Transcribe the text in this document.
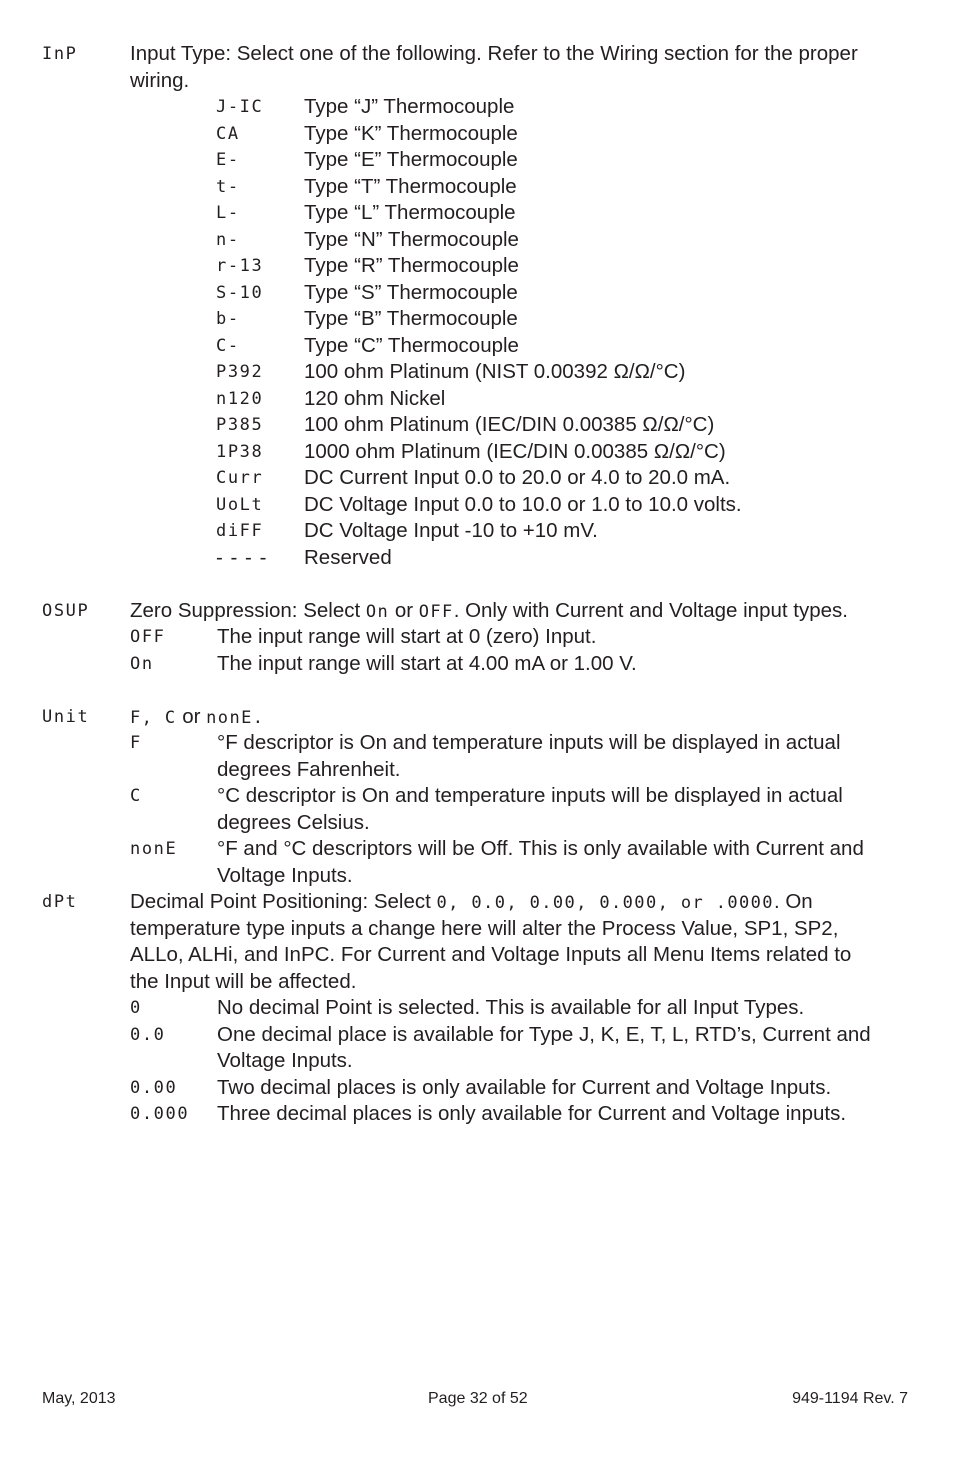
InP	Input Type: Select one of the following. Refer to the Wiring section for the proper
wiring.
J-IC Type “J” Thermocouple
CA	Type “K” Thermocouple
E-	Type “E” Thermocouple
t-	Type “T” Thermocouple
L-	Type “L” Thermocouple
n-	Type “N” Thermocouple
r-13 Type “R” Thermocouple
S-10 Type “S” Thermocouple
b-	Type “B” Thermocouple
C-	Type “C” Thermocouple
P392 100 ohm Platinum (NIST 0.00392 Ω/Ω/°C)
n120 120 ohm Nickel
P385 100 ohm Platinum (IEC/DIN 0.00385 Ω/Ω/°C)
1P38 1000 ohm Platinum (IEC/DIN 0.00385 Ω/Ω/°C)
Curr DC Current Input 0.0 to 20.0 or 4.0 to 20.0 mA.
UoLt DC Voltage Input 0.0 to 10.0 or 1.0 to 10.0 volts.
diFF DC Voltage Input -10 to +10 mV.
- - - - Reserved
OSUP Zero Suppression: Select On or OFF. Only with Current and Voltage input types.
OFF	The input range will start at 0 (zero) Input.
On	The input range will start at 4.00 mA or 1.00 V.
Unit F, C or nonE.
F	°F descriptor is On and temperature inputs will be displayed in actual
degrees Fahrenheit.
C	°C descriptor is On and temperature inputs will be displayed in actual
degrees Celsius.
nonE °F and °C descriptors will be Off. This is only available with Current and
Voltage Inputs.
dPt	Decimal Point Positioning: Select 0, 0.0, 0.00, 0.000, or .0000. On
temperature type inputs a change here will alter the Process Value, SP1, SP2,
ALLo, ALHi, and InPC. For Current and Voltage Inputs all Menu Items related to
the Input will be affected.
0	No decimal Point is selected. This is available for all Input Types.
0.0	One decimal place is available for Type J, K, E, T, L, RTD’s, Current and
Voltage Inputs.
0.00 Two decimal places is only available for Current and Voltage Inputs.
0.000 Three decimal places is only available for Current and Voltage inputs.
May, 2013	Page 32 of 52	949-1194 Rev. 7
